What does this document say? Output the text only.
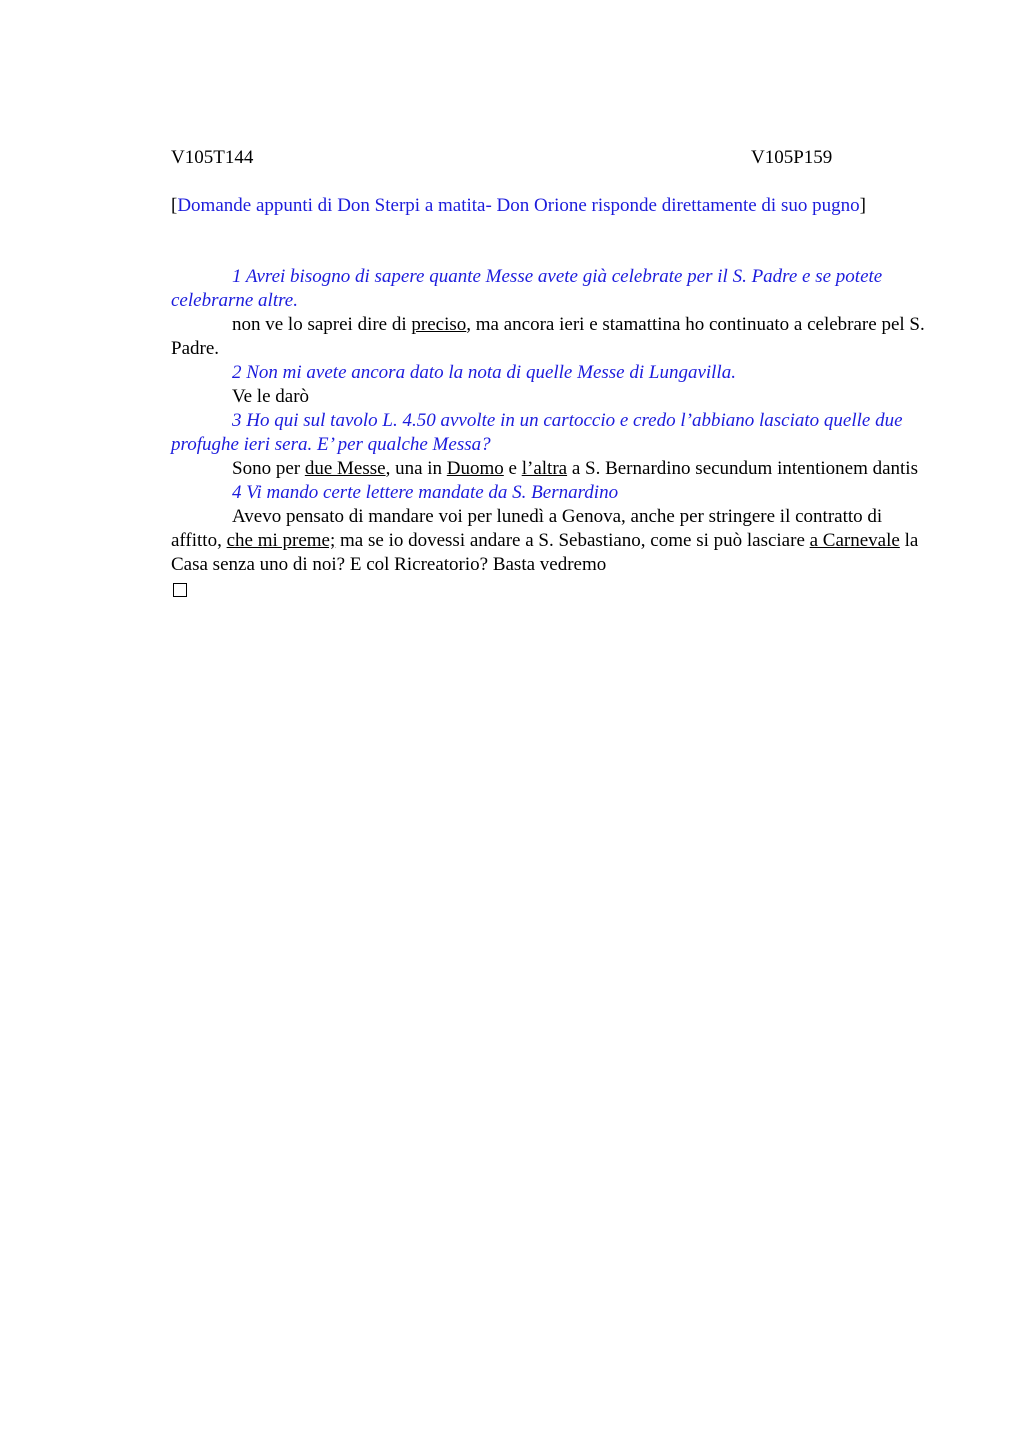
V105T144	V105P159
[Domande appunti di Don Sterpi a matita- Don Orione risponde direttamente di suo pugno]

1 Avrei bisogno di sapere quante Messe avete già celebrate per il S. Padre e se potete celebrarne altre.

non ve lo saprei dire di preciso, ma ancora ieri e stamattina ho continuato a celebrare pel S. Padre.

2 Non mi avete ancora dato la nota di quelle Messe di Lungavilla.

Ve le darò

3 Ho qui sul tavolo L. 4.50 avvolte in un cartoccio e credo l’abbiano lasciato quelle due profughe ieri sera. E’ per qualche Messa?

Sono per due Messe, una in Duomo e l’altra a S. Bernardino secundum intentionem dantis

4 Vi mando certe lettere mandate da S. Bernardino

Avevo pensato di mandare voi per lunedì a Genova, anche per stringere il contratto di affitto, che mi preme; ma se io dovessi andare a S. Sebastiano, come si può lasciare a Carnevale la Casa senza uno di noi? E col Ricreatorio? Basta vedremo
